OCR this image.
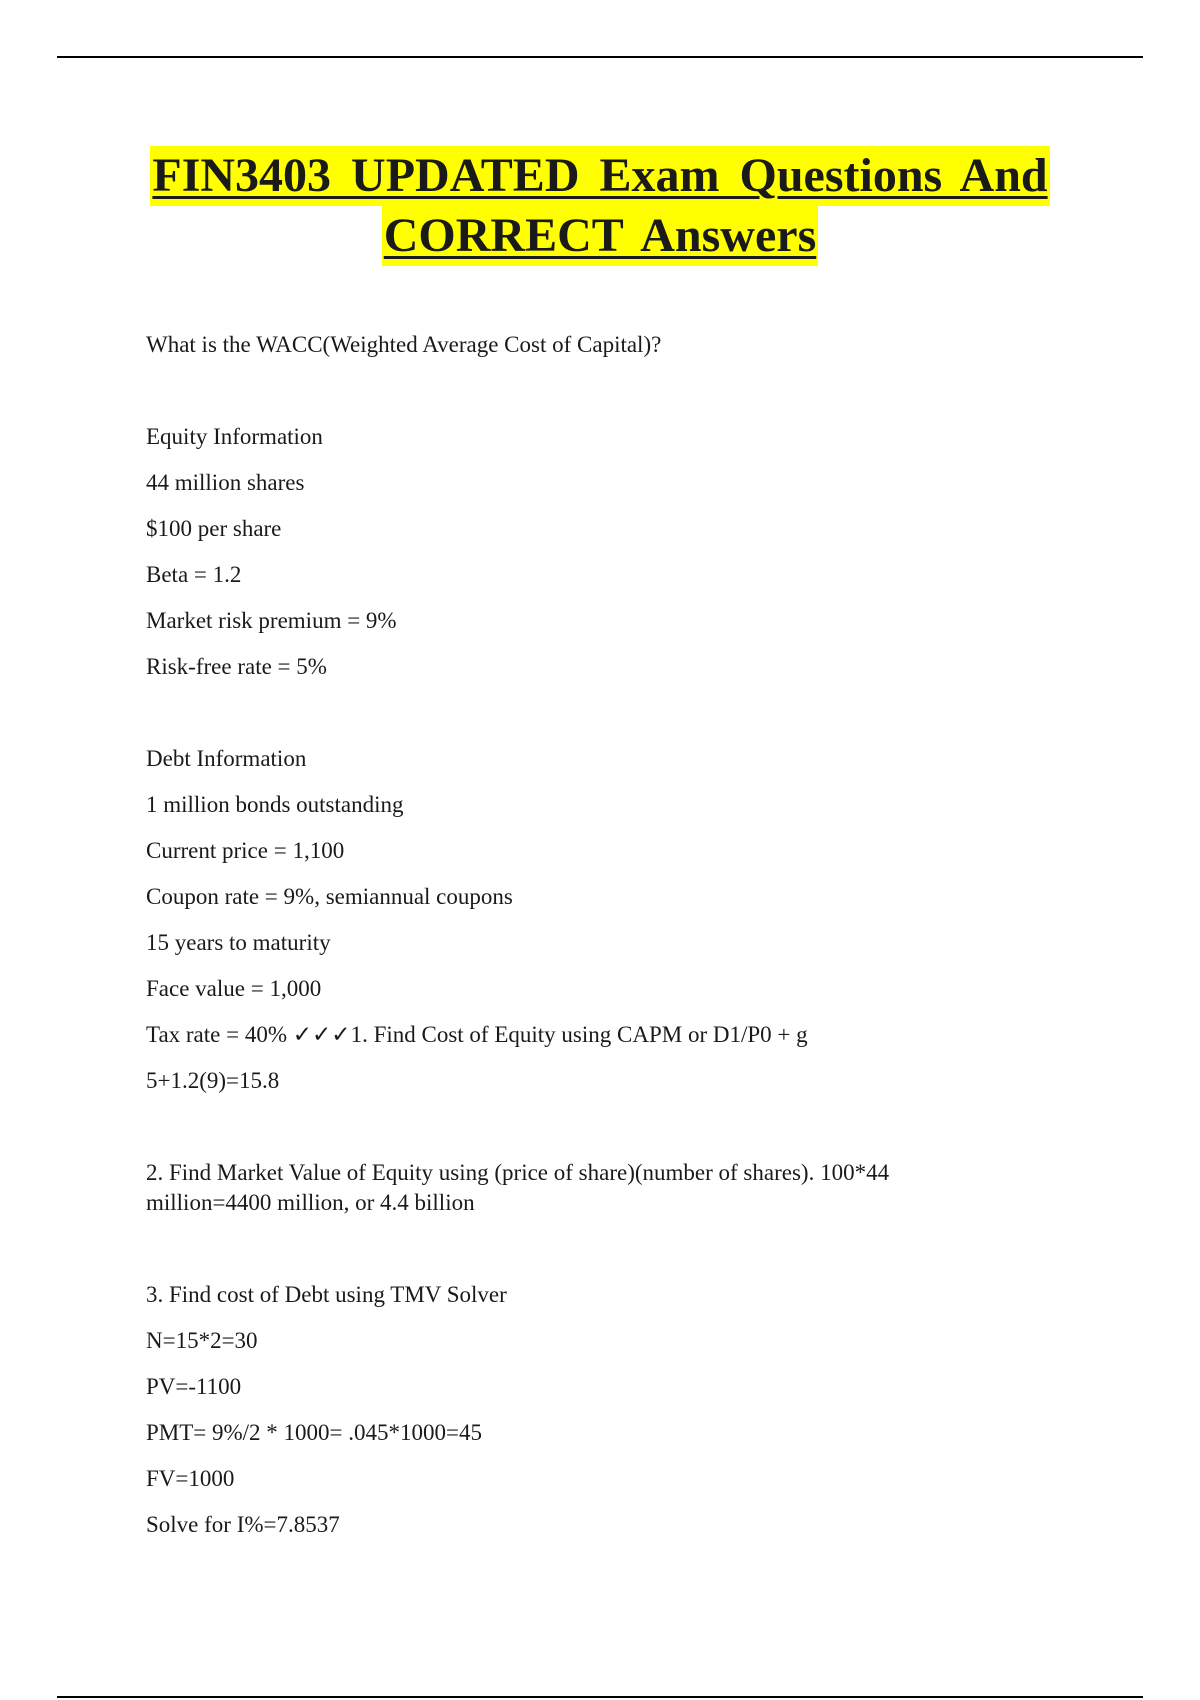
FIN3403 UPDATED Exam Questions And
CORRECT Answers

What is the WACC(Weighted Average Cost of Capital)?

Equity Information

44 million shares

$100 per share

Beta = 1.2

Market risk premium = 9%

Risk-free rate = 5%

Debt Information

1 million bonds outstanding

Current price = 1,100

Coupon rate = 9%, semiannual coupons

15 years to maturity

Face value = 1,000

Tax rate = 40% ✓✓✓1. Find Cost of Equity using CAPM or D1/P0 + g

5+1.2(9)=15.8

2. Find Market Value of Equity using (price of share)(number of shares). 100*44 million=4400 million, or 4.4 billion

3. Find cost of Debt using TMV Solver

N=15*2=30

PV=-1100

PMT= 9%/2 * 1000= .045*1000=45

FV=1000

Solve for I%=7.8537
